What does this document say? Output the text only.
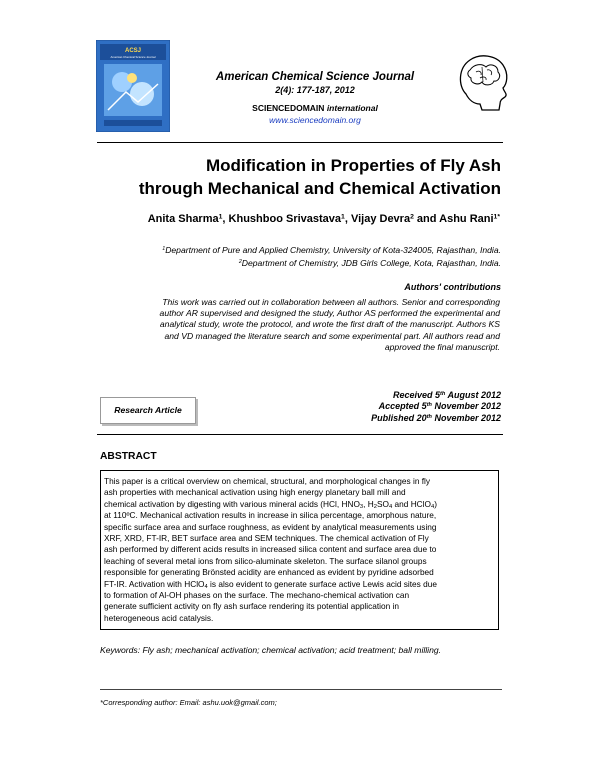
ACSJ
American Chemical Science Journal
American Chemical Science Journal
2(4): 177-187, 2012
SCIENCEDOMAIN international
www.sciencedomain.org
Modification in Properties of Fly Ash
through Mechanical and Chemical Activation
Anita Sharma$^1$, Khushboo Srivastava$^1$, Vijay Devra$^2$ and Ashu Rani$^{1*}$
$^1$Department of Pure and Applied Chemistry, University of Kota-324005, Rajasthan, India.
$^2$Department of Chemistry, JDB Girls College, Kota, Rajasthan, India.
Authors' contributions
This work was carried out in collaboration between all authors. Senior and corresponding
author AR supervised and designed the study, Author AS performed the experimental and
analytical study, wrote the protocol, and wrote the first draft of the manuscript. Authors KS
and VD managed the literature search and some experimental part. All authors read and
approved the final manuscript.
Research Article
Received 5th August 2012
Accepted 5th November 2012
Published 20th November 2012
ABSTRACT
This paper is a critical overview on chemical, structural, and morphological changes in fly
ash properties with mechanical activation using high energy planetary ball mill and
chemical activation by digesting with various mineral acids (HCl, $HNO_3$, $H_2SO_4$ and HClO$_4$)
at 110ºC. Mechanical activation results in increase in silica percentage, amorphous nature,
specific surface area and surface roughness, as evident by analytical measurements using
XRF, XRD, FT-IR, BET surface area and SEM techniques. The chemical activation of Fly
ash performed by different acids results in increased silica content and surface area due to
leaching of several metal ions from silico-aluminate skeleton. The surface silanol groups
responsible for generating Brönsted acidity are enhanced as evident by pyridine adsorbed
FT-IR. Activation with HClO$_4$ is also evident to generate surface active Lewis acid sites due
to formation of Al-OH phases on the surface. The mechano-chemical activation can
generate sufficient activity on fly ash surface rendering its potential application in
heterogeneous acid catalysis.
Keywords: Fly ash; mechanical activation; chemical activation; acid treatment; ball milling.
*Corresponding author: Email: ashu.uok@gmail.com;
